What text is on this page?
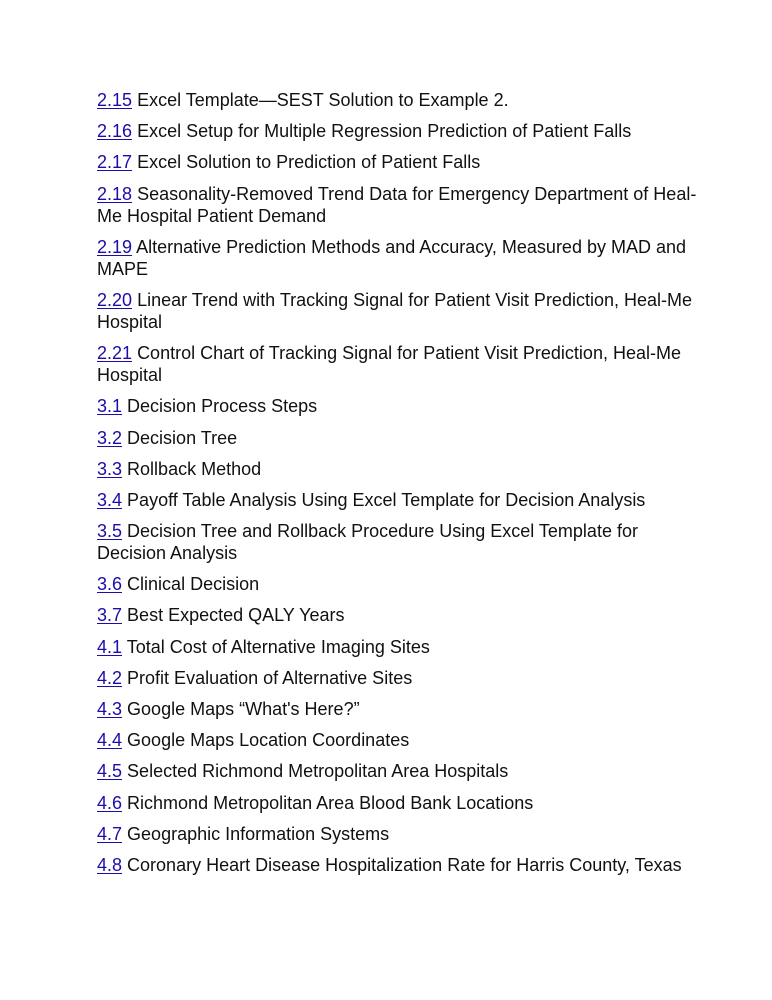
2.15 Excel Template—SEST Solution to Example 2.
2.16 Excel Setup for Multiple Regression Prediction of Patient Falls
2.17 Excel Solution to Prediction of Patient Falls
2.18 Seasonality-Removed Trend Data for Emergency Department of Heal-Me Hospital Patient Demand
2.19 Alternative Prediction Methods and Accuracy, Measured by MAD and MAPE
2.20 Linear Trend with Tracking Signal for Patient Visit Prediction, Heal-Me Hospital
2.21 Control Chart of Tracking Signal for Patient Visit Prediction, Heal-Me Hospital
3.1 Decision Process Steps
3.2 Decision Tree
3.3 Rollback Method
3.4 Payoff Table Analysis Using Excel Template for Decision Analysis
3.5 Decision Tree and Rollback Procedure Using Excel Template for Decision Analysis
3.6 Clinical Decision
3.7 Best Expected QALY Years
4.1 Total Cost of Alternative Imaging Sites
4.2 Profit Evaluation of Alternative Sites
4.3 Google Maps “What's Here?”
4.4 Google Maps Location Coordinates
4.5 Selected Richmond Metropolitan Area Hospitals
4.6 Richmond Metropolitan Area Blood Bank Locations
4.7 Geographic Information Systems
4.8 Coronary Heart Disease Hospitalization Rate for Harris County, Texas
